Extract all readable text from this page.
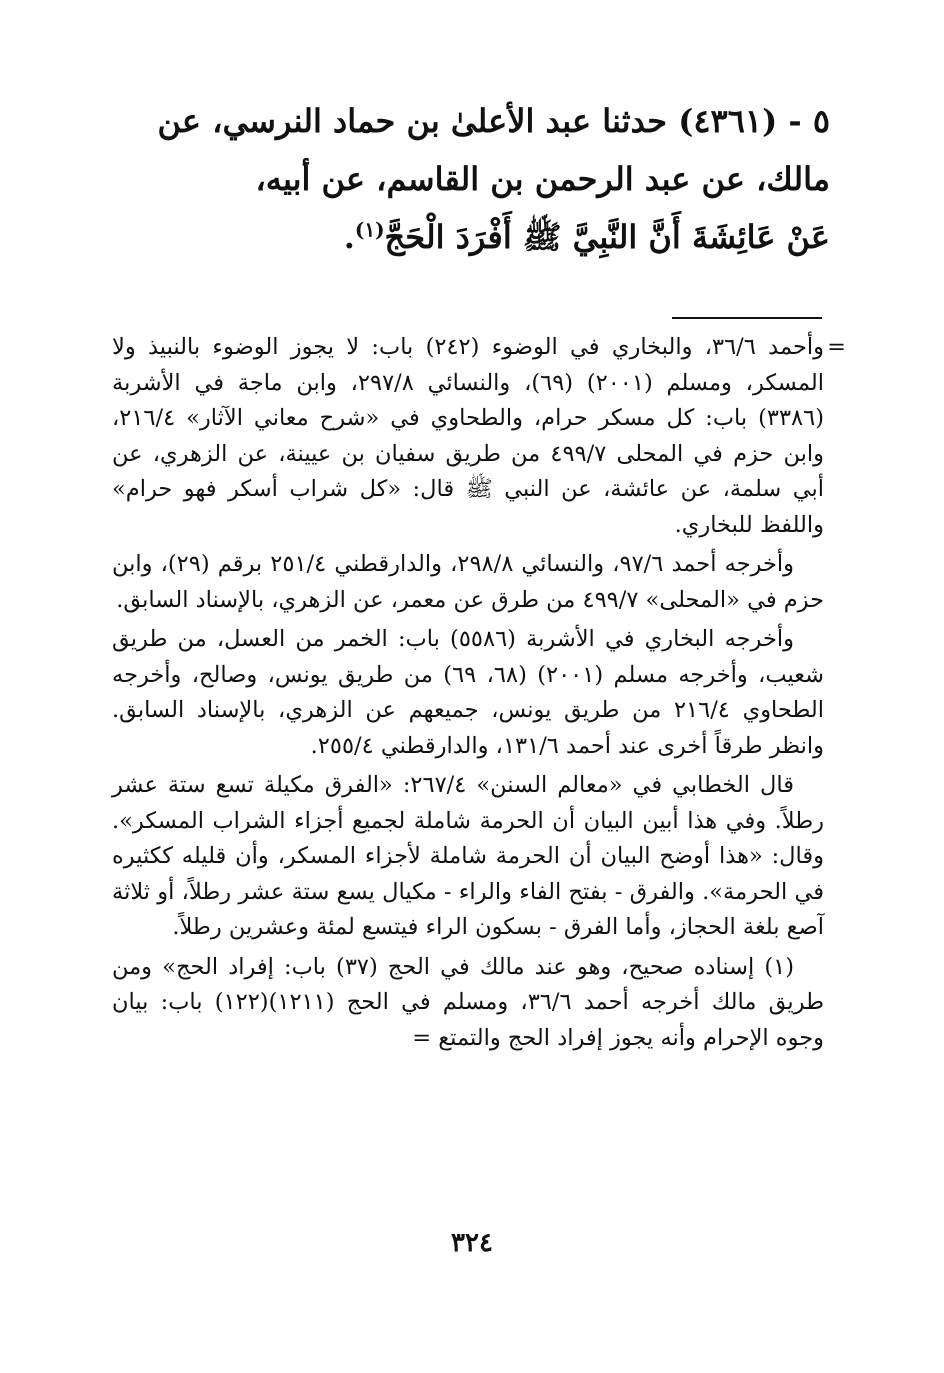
٥ - (٤٣٦١) حدثنا عبد الأعلىٰ بن حماد النرسي، عن
مالك، عن عبد الرحمن بن القاسم، عن أبيه،
عَنْ عَائِشَةَ أَنَّ النَّبِيَّ ﷺ أَفْرَدَ الْحَجَّ$^{(١)}$.

=
وأحمد ٣٦/٦، والبخاري في الوضوء (٢٤٢) باب: لا يجوز الوضوء بالنبيذ ولا المسكر، ومسلم (٢٠٠١) (٦٩)، والنسائي ٢٩٧/٨، وابن ماجة في الأشربة (٣٣٨٦) باب: كل مسكر حرام، والطحاوي في «شرح معاني الآثار» ٢١٦/٤، وابن حزم في المحلى ٤٩٩/٧ من طريق سفيان بن عيينة، عن الزهري، عن أبي سلمة، عن عائشة، عن النبي ﷺ قال: «كل شراب أسكر فهو حرام» واللفظ للبخاري.

وأخرجه أحمد ٩٧/٦، والنسائي ٢٩٨/٨، والدارقطني ٢٥١/٤ برقم (٢٩)، وابن حزم في «المحلى» ٤٩٩/٧ من طرق عن معمر، عن الزهري، بالإسناد السابق.

وأخرجه البخاري في الأشربة (٥٥٨٦) باب: الخمر من العسل، من طريق شعيب، وأخرجه مسلم (٢٠٠١) (٦٨، ٦٩) من طريق يونس، وصالح، وأخرجه الطحاوي ٢١٦/٤ من طريق يونس، جميعهم عن الزهري، بالإسناد السابق. وانظر طرقاً أخرى عند أحمد ١٣١/٦، والدارقطني ٢٥٥/٤.

قال الخطابي في «معالم السنن» ٢٦٧/٤: «الفرق مكيلة تسع ستة عشر رطلاً. وفي هذا أبين البيان أن الحرمة شاملة لجميع أجزاء الشراب المسكر». وقال: «هذا أوضح البيان أن الحرمة شاملة لأجزاء المسكر، وأن قليله ككثيره في الحرمة». والفرق - بفتح الفاء والراء - مكيال يسع ستة عشر رطلاً، أو ثلاثة آصع بلغة الحجاز، وأما الفرق - بسكون الراء فيتسع لمئة وعشرين رطلاً.

(١) إسناده صحيح، وهو عند مالك في الحج (٣٧) باب: إفراد الحج» ومن طريق مالك أخرجه أحمد ٣٦/٦، ومسلم في الحج (١٢١١)(١٢٢) باب: بيان وجوه الإحرام وأنه يجوز إفراد الحج والتمتع =

٣٢٤
